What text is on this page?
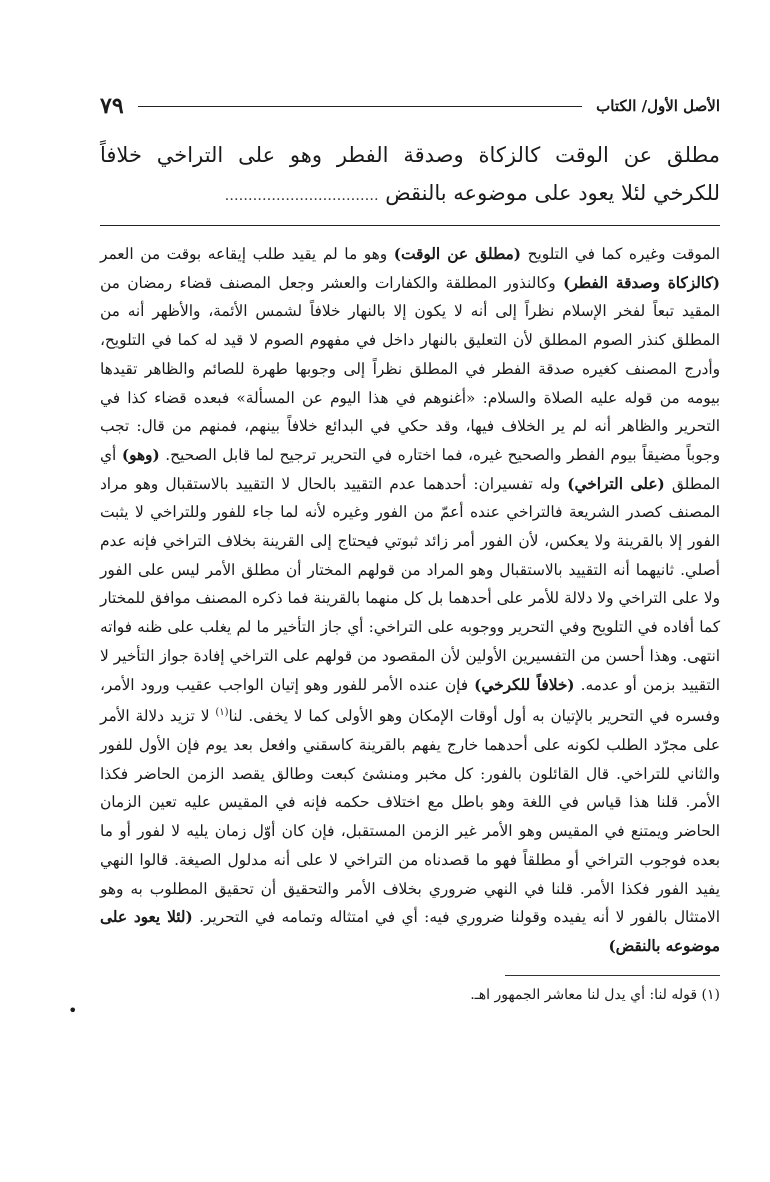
الأصل الأول/ الكتاب
٧٩
مطلق عن الوقت كالزكاة وصدقة الفطر وهو على التراخي خلافاً للكرخي لئلا يعود على موضوعه بالنقض ……………………………
الموقت وغيره كما في التلويح (مطلق عن الوقت) وهو ما لم يقيد طلب إيقاعه بوقت من العمر (كالزكاة وصدقة الفطر) وكالنذور المطلقة والكفارات والعشر وجعل المصنف قضاء رمضان من المقيد تبعاً لفخر الإسلام نظراً إلى أنه لا يكون إلا بالنهار خلافاً لشمس الأئمة، والأظهر أنه من المطلق كنذر الصوم المطلق لأن التعليق بالنهار داخل في مفهوم الصوم لا قيد له كما في التلويح، وأدرج المصنف كغيره صدقة الفطر في المطلق نظراً إلى وجوبها طهرة للصائم والظاهر تقيدها بيومه من قوله عليه الصلاة والسلام: «أغنوهم في هذا اليوم عن المسألة» فبعده قضاء كذا في التحرير والظاهر أنه لم ير الخلاف فيها، وقد حكي في البدائع خلافاً بينهم، فمنهم من قال: تجب وجوباً مضيقاً بيوم الفطر والصحيح غيره، فما اختاره في التحرير ترجيح لما قابل الصحيح. (وهو) أي المطلق (على التراخي) وله تفسيران: أحدهما عدم التقييد بالحال لا التقييد بالاستقبال وهو مراد المصنف كصدر الشريعة فالتراخي عنده أعمّ من الفور وغيره لأنه لما جاء للفور وللتراخي لا يثبت الفور إلا بالقرينة ولا يعكس، لأن الفور أمر زائد ثبوتي فيحتاج إلى القرينة بخلاف التراخي فإنه عدم أصلي. ثانيهما أنه التقييد بالاستقبال وهو المراد من قولهم المختار أن مطلق الأمر ليس على الفور ولا على التراخي ولا دلالة للأمر على أحدهما بل كل منهما بالقرينة فما ذكره المصنف موافق للمختار كما أفاده في التلويح وفي التحرير ووجوبه على التراخي: أي جاز التأخير ما لم يغلب على ظنه فواته انتهى. وهذا أحسن من التفسيرين الأولين لأن المقصود من قولهم على التراخي إفادة جواز التأخير لا التقييد بزمن أو عدمه. (خلافاً للكرخي) فإن عنده الأمر للفور وهو إتيان الواجب عقيب ورود الأمر، وفسره في التحرير بالإتيان به أول أوقات الإمكان وهو الأولى كما لا يخفى. لنا$^{(١)}$ لا تزيد دلالة الأمر على مجرّد الطلب لكونه على أحدهما خارج يفهم بالقرينة كاسقني وافعل بعد يوم فإن الأول للفور والثاني للتراخي. قال القائلون بالفور: كل مخبر ومنشئ كبعت وطالق يقصد الزمن الحاضر فكذا الأمر. قلنا هذا قياس في اللغة وهو باطل مع اختلاف حكمه فإنه في المقيس عليه تعين الزمان الحاضر ويمتنع في المقيس وهو الأمر غير الزمن المستقبل، فإن كان أوّل زمان يليه لا لفور أو ما بعده فوجوب التراخي أو مطلقاً فهو ما قصدناه من التراخي لا على أنه مدلول الصيغة. قالوا النهي يفيد الفور فكذا الأمر. قلنا في النهي ضروري بخلاف الأمر والتحقيق أن تحقيق المطلوب به وهو الامتثال بالفور لا أنه يفيده وقولنا ضروري فيه: أي في امتثاله وتمامه في التحرير. (لئلا يعود على موضوعه بالنقض)
(١) قوله لنا: أي يدل لنا معاشر الجمهور اهـ.
•
